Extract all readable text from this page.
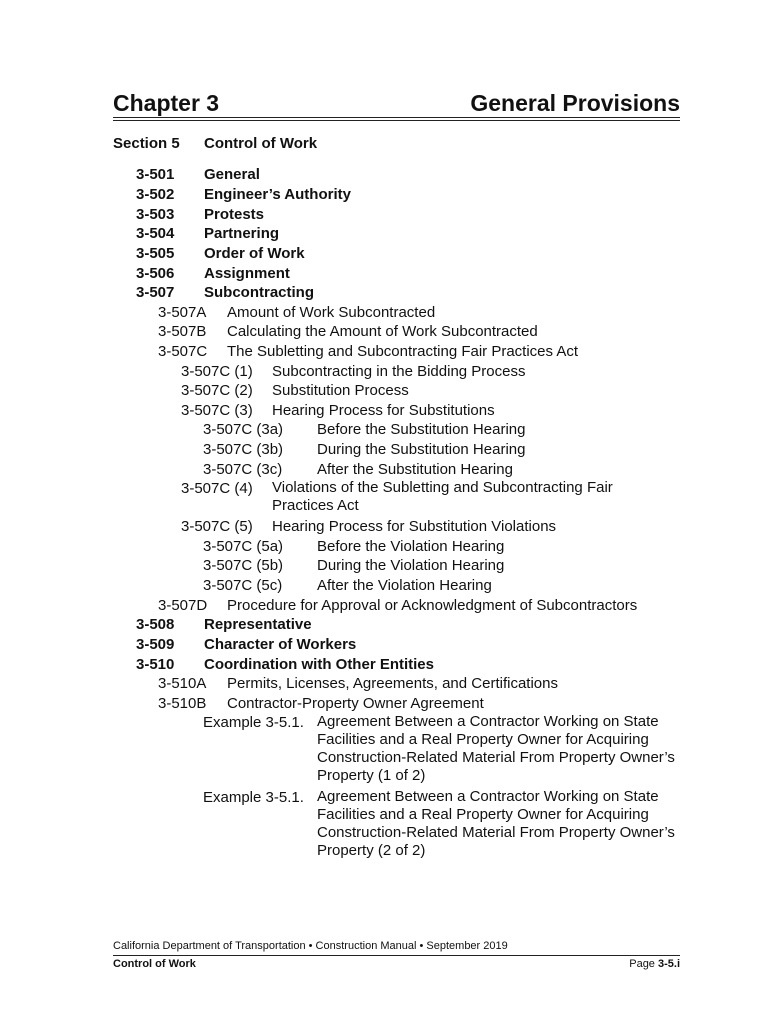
Chapter 3	General Provisions
Section 5 Control of Work
3-501 General
3-502 Engineer’s Authority
3-503 Protests
3-504 Partnering
3-505 Order of Work
3-506 Assignment
3-507 Subcontracting
3-507A Amount of Work Subcontracted
3-507B Calculating the Amount of Work Subcontracted
3-507C The Subletting and Subcontracting Fair Practices Act
3-507C (1) Subcontracting in the Bidding Process
3-507C (2) Substitution Process
3-507C (3) Hearing Process for Substitutions
3-507C (3a) Before the Substitution Hearing
3-507C (3b) During the Substitution Hearing
3-507C (3c) After the Substitution Hearing
3-507C (4) Violations of the Subletting and Subcontracting Fair Practices Act
3-507C (5) Hearing Process for Substitution Violations
3-507C (5a) Before the Violation Hearing
3-507C (5b) During the Violation Hearing
3-507C (5c) After the Violation Hearing
3-507D Procedure for Approval or Acknowledgment of Subcontractors
3-508 Representative
3-509 Character of Workers
3-510 Coordination with Other Entities
3-510A Permits, Licenses, Agreements, and Certifications
3-510B Contractor-Property Owner Agreement
Example 3-5.1. Agreement Between a Contractor Working on State Facilities and a Real Property Owner for Acquiring Construction-Related Material From Property Owner’s Property (1 of 2)
Example 3-5.1. Agreement Between a Contractor Working on State Facilities and a Real Property Owner for Acquiring Construction-Related Material From Property Owner’s Property (2 of 2)
California Department of Transportation • Construction Manual • September 2019
Control of Work	Page 3-5.i
